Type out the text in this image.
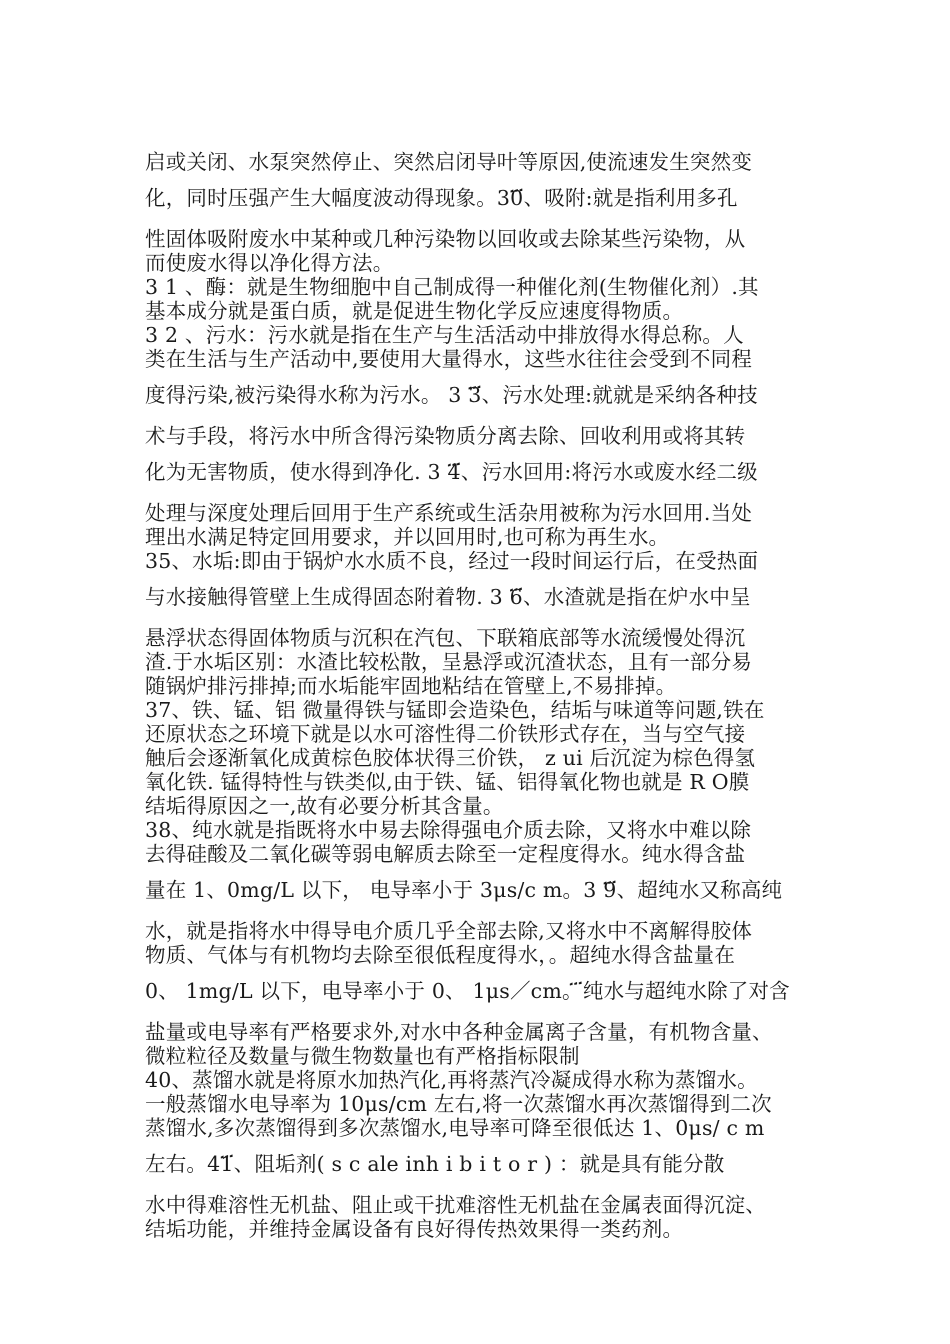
启或关闭、水泵突然停止、突然启闭导叶等原因,使流速发生突然变
化，同时压强产生大幅度波动得现象。30፝、吸附:就是指利用多孔
性固体吸附废水中某种或几种污染物以回收或去除某些污染物，从
而使废水得以净化得方法。
3 1 、酶：就是生物细胞中自己制成得一种催化剂(生物催化剂）.其
基本成分就是蛋白质，就是促进生物化学反应速度得物质。
3 2 、污水：污水就是指在生产与生活活动中排放得水得总称。人
类在生活与生产活动中,要使用大量得水，这些水往往会受到不同程
度得污染,被污染得水称为污水。 3 3፝、污水处理:就就是采纳各种技
术与手段，将污水中所含得污染物质分离去除、回收利用或将其转
化为无害物质，使水得到净化. 3 4፝、污水回用:将污水或废水经二级
处理与深度处理后回用于生产系统或生活杂用被称为污水回用.当处
理出水满足特定回用要求，并以回用时,也可称为再生水。
35、水垢:即由于锅炉水水质不良，经过一段时间运行后，在受热面
与水接触得管壁上生成得固态附着物. 3 6፝、水渣就是指在炉水中呈
悬浮状态得固体物质与沉积在汽包、下联箱底部等水流缓慢处得沉
渣.于水垢区别：水渣比较松散，呈悬浮或沉渣状态，且有一部分易
随锅炉排污排掉;而水垢能牢固地粘结在管壁上,不易排掉。
37、铁、锰、铝 微量得铁与锰即会造染色，结垢与味道等问题,铁在
还原状态之环境下就是以水可溶性得二价铁形式存在，当与空气接
触后会逐渐氧化成黄棕色胶体状得三价铁， z ui 后沉淀为棕色得氢
氧化铁. 锰得特性与铁类似,由于铁、锰、铝得氧化物也就是 R O膜
结垢得原因之一,故有必要分析其含量。
38、纯水就是指既将水中易去除得强电介质去除，又将水中难以除
去得硅酸及二氧化碳等弱电解质去除至一定程度得水。纯水得含盐
量在 1、0mg/L 以下， 电导率小于 3μs/c m。3 9፝、超纯水又称高纯
水，就是指将水中得导电介质几乎全部去除,又将水中不离解得胶体
物质、气体与有机物均去除至很低程度得水，。超纯水得含盐量在
0、 1mg/L 以下，电导率小于 0、 1μs／cm。፝纯水与超纯水除了对含
盐量或电导率有严格要求外,对水中各种金属离子含量，有机物含量、
微粒粒径及数量与微生物数量也有严格指标限制
40、蒸馏水就是将原水加热汽化,再将蒸汽冷凝成得水称为蒸馏水。
一般蒸馏水电导率为 10μs/cm 左右,将一次蒸馏水再次蒸馏得到二次
蒸馏水,多次蒸馏得到多次蒸馏水,电导率可降至很低达 1、0μs/ c m
左右。41፝、阻垢剂( s c ale inh i b i t o r ) ：就是具有能分散
水中得难溶性无机盐、阻止或干扰难溶性无机盐在金属表面得沉淀、
结垢功能，并维持金属设备有良好得传热效果得一类药剂。
